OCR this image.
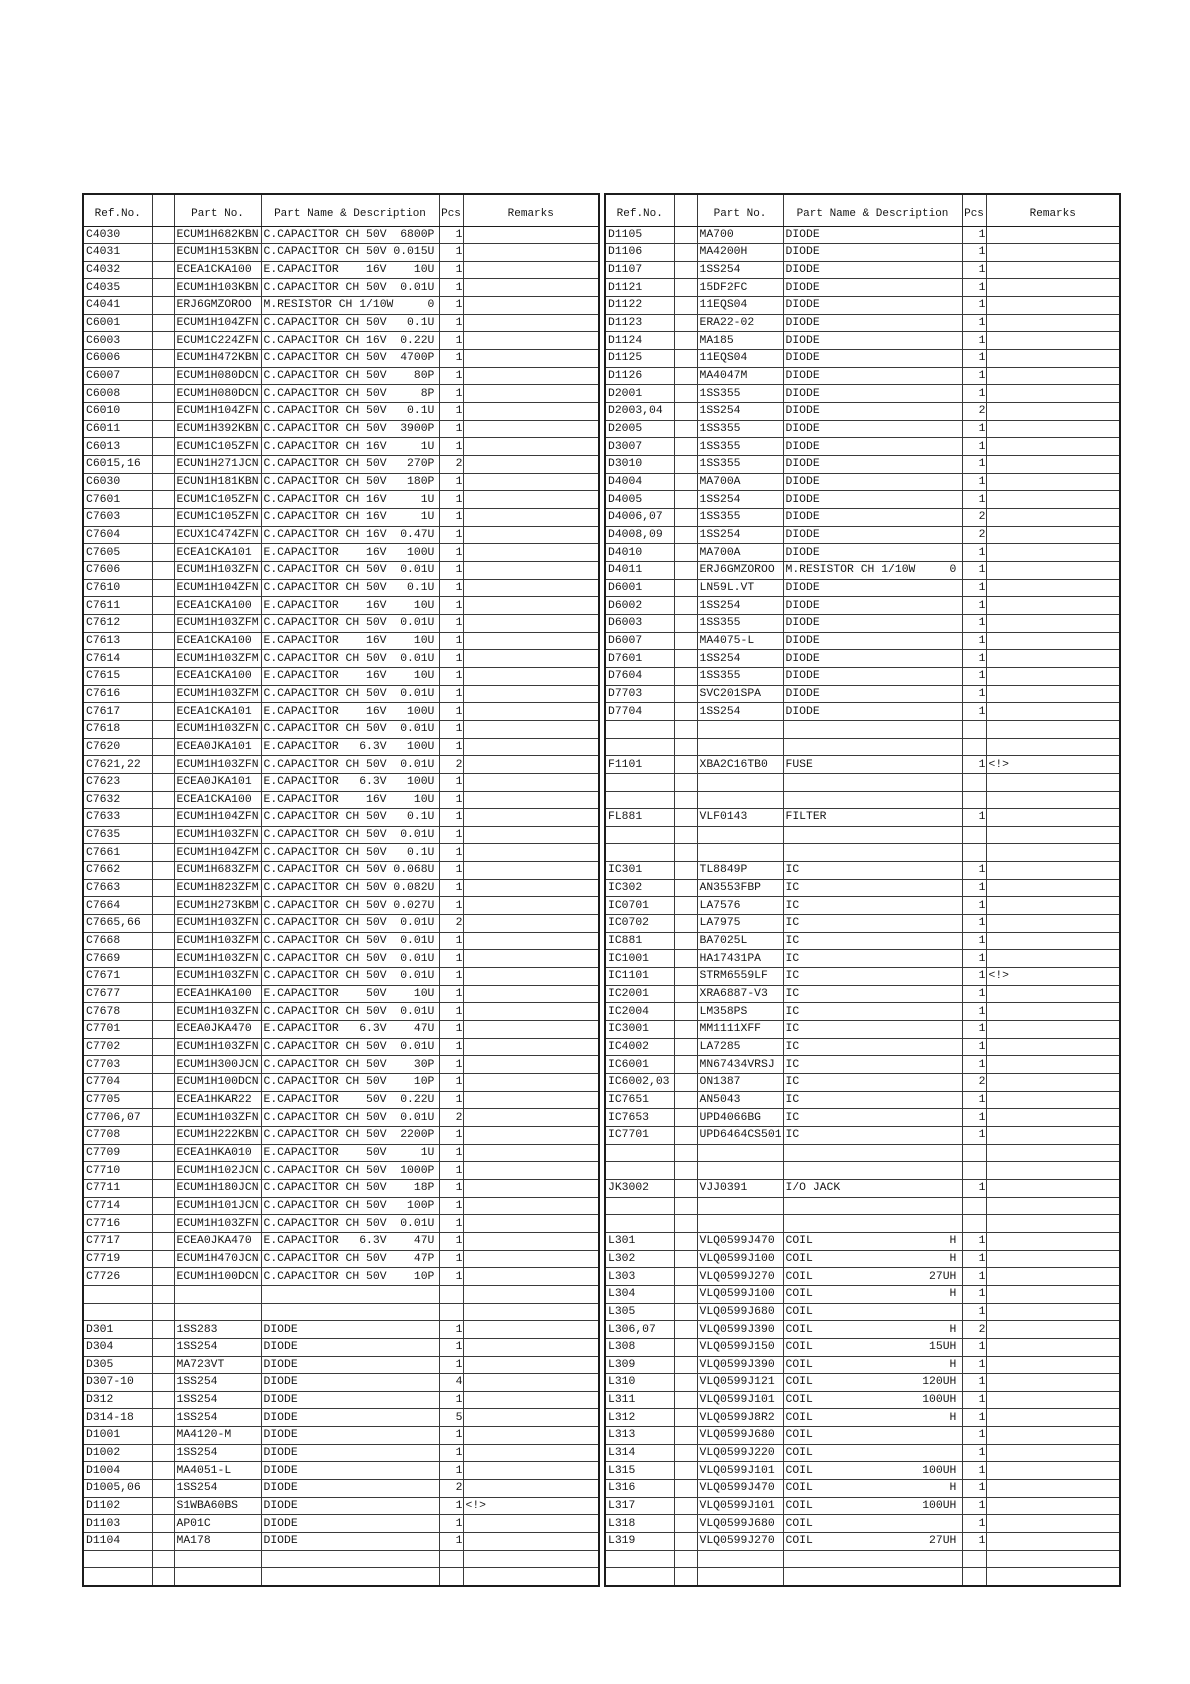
Ref.No.		Part No.	Part Name & Description	Pcs	Remarks
C4030		ECUM1H682KBN	C.CAPACITOR CH 50V 6800P	1	
C4031		ECUM1H153KBN	C.CAPACITOR CH 50V 0.015U	1	
C4032		ECEA1CKA100	E.CAPACITOR 16V 10U	1	
C4035		ECUM1H103KBN	C.CAPACITOR CH 50V 0.01U	1	
C4041		ERJ6GMZOROO	M.RESISTOR CH 1/10W 0	1	
C6001		ECUM1H104ZFN	C.CAPACITOR CH 50V 0.1U	1	
C6003		ECUM1C224ZFN	C.CAPACITOR CH 16V 0.22U	1	
C6006		ECUM1H472KBN	C.CAPACITOR CH 50V 4700P	1	
C6007		ECUM1H080DCN	C.CAPACITOR CH 50V 80P	1	
C6008		ECUM1H080DCN	C.CAPACITOR CH 50V 8P	1	
C6010		ECUM1H104ZFN	C.CAPACITOR CH 50V 0.1U	1	
C6011		ECUM1H392KBN	C.CAPACITOR CH 50V 3900P	1	
C6013		ECUM1C105ZFN	C.CAPACITOR CH 16V 1U	1	
C6015,16		ECUN1H271JCN	C.CAPACITOR CH 50V 270P	2	
C6030		ECUN1H181KBN	C.CAPACITOR CH 50V 180P	1	
C7601		ECUM1C105ZFN	C.CAPACITOR CH 16V 1U	1	
C7603		ECUM1C105ZFN	C.CAPACITOR CH 16V 1U	1	
C7604		ECUX1C474ZFN	C.CAPACITOR CH 16V 0.47U	1	
C7605		ECEA1CKA101	E.CAPACITOR 16V 100U	1	
C7606		ECUM1H103ZFN	C.CAPACITOR CH 50V 0.01U	1	
C7610		ECUM1H104ZFN	C.CAPACITOR CH 50V 0.1U	1	
C7611		ECEA1CKA100	E.CAPACITOR 16V 10U	1	
C7612		ECUM1H103ZFM	C.CAPACITOR CH 50V 0.01U	1	
C7613		ECEA1CKA100	E.CAPACITOR 16V 10U	1	
C7614		ECUM1H103ZFM	C.CAPACITOR CH 50V 0.01U	1	
C7615		ECEA1CKA100	E.CAPACITOR 16V 10U	1	
C7616		ECUM1H103ZFM	C.CAPACITOR CH 50V 0.01U	1	
C7617		ECEA1CKA101	E.CAPACITOR 16V 100U	1	
C7618		ECUM1H103ZFN	C.CAPACITOR CH 50V 0.01U	1	
C7620		ECEA0JKA101	E.CAPACITOR 6.3V 100U	1	
C7621,22		ECUM1H103ZFN	C.CAPACITOR CH 50V 0.01U	2	
C7623		ECEA0JKA101	E.CAPACITOR 6.3V 100U	1	
C7632		ECEA1CKA100	E.CAPACITOR 16V 10U	1	
C7633		ECUM1H104ZFN	C.CAPACITOR CH 50V 0.1U	1	
C7635		ECUM1H103ZFN	C.CAPACITOR CH 50V 0.01U	1	
C7661		ECUM1H104ZFM	C.CAPACITOR CH 50V 0.1U	1	
C7662		ECUM1H683ZFM	C.CAPACITOR CH 50V 0.068U	1	
C7663		ECUM1H823ZFM	C.CAPACITOR CH 50V 0.082U	1	
C7664		ECUM1H273KBM	C.CAPACITOR CH 50V 0.027U	1	
C7665,66		ECUM1H103ZFN	C.CAPACITOR CH 50V 0.01U	2	
C7668		ECUM1H103ZFM	C.CAPACITOR CH 50V 0.01U	1	
C7669		ECUM1H103ZFN	C.CAPACITOR CH 50V 0.01U	1	
C7671		ECUM1H103ZFN	C.CAPACITOR CH 50V 0.01U	1	
C7677		ECEA1HKA100	E.CAPACITOR 50V 10U	1	
C7678		ECUM1H103ZFN	C.CAPACITOR CH 50V 0.01U	1	
C7701		ECEA0JKA470	E.CAPACITOR 6.3V 47U	1	
C7702		ECUM1H103ZFN	C.CAPACITOR CH 50V 0.01U	1	
C7703		ECUM1H300JCN	C.CAPACITOR CH 50V 30P	1	
C7704		ECUM1H100DCN	C.CAPACITOR CH 50V 10P	1	
C7705		ECEA1HKAR22	E.CAPACITOR 50V 0.22U	1	
C7706,07		ECUM1H103ZFN	C.CAPACITOR CH 50V 0.01U	2	
C7708		ECUM1H222KBN	C.CAPACITOR CH 50V 2200P	1	
C7709		ECEA1HKA010	E.CAPACITOR 50V 1U	1	
C7710		ECUM1H102JCN	C.CAPACITOR CH 50V 1000P	1	
C7711		ECUM1H180JCN	C.CAPACITOR CH 50V 18P	1	
C7714		ECUM1H101JCN	C.CAPACITOR CH 50V 100P	1	
C7716		ECUM1H103ZFN	C.CAPACITOR CH 50V 0.01U	1	
C7717		ECEA0JKA470	E.CAPACITOR 6.3V 47U	1	
C7719		ECUM1H470JCN	C.CAPACITOR CH 50V 47P	1	
C7726		ECUM1H100DCN	C.CAPACITOR CH 50V 10P	1	

D301		1SS283	DIODE	1	
D304		1SS254	DIODE	1	
D305		MA723VT	DIODE	1	
D307-10		1SS254	DIODE	4	
D312		1SS254	DIODE	1	
D314-18		1SS254	DIODE	5	
D1001		MA4120-M	DIODE	1	
D1002		1SS254	DIODE	1	
D1004		MA4051-L	DIODE	1	
D1005,06		1SS254	DIODE	2	
D1102		S1WBA60BS	DIODE	1	<!>
D1103		AP01C	DIODE	1	
D1104		MA178	DIODE	1	

Ref.No.		Part No.	Part Name & Description	Pcs	Remarks
D1105		MA700	DIODE	1	
D1106		MA4200H	DIODE	1	
D1107		1SS254	DIODE	1	
D1121		15DF2FC	DIODE	1	
D1122		11EQS04	DIODE	1	
D1123		ERA22-02	DIODE	1	
D1124		MA185	DIODE	1	
D1125		11EQS04	DIODE	1	
D1126		MA4047M	DIODE	1	
D2001		1SS355	DIODE	1	
D2003,04		1SS254	DIODE	2	
D2005		1SS355	DIODE	1	
D3007		1SS355	DIODE	1	
D3010		1SS355	DIODE	1	
D4004		MA700A	DIODE	1	
D4005		1SS254	DIODE	1	
D4006,07		1SS355	DIODE	2	
D4008,09		1SS254	DIODE	2	
D4010		MA700A	DIODE	1	
D4011		ERJ6GMZOROO	M.RESISTOR CH 1/10W 0	1	
D6001		LN59L.VT	DIODE	1	
D6002		1SS254	DIODE	1	
D6003		1SS355	DIODE	1	
D6007		MA4075-L	DIODE	1	
D7601		1SS254	DIODE	1	
D7604		1SS355	DIODE	1	
D7703		SVC201SPA	DIODE	1	
D7704		1SS254	DIODE	1	

F1101		XBA2C16TB0	FUSE	1	<!>

FL881		VLF0143	FILTER	1	

IC301		TL8849P	IC	1	
IC302		AN3553FBP	IC	1	
IC0701		LA7576	IC	1	
IC0702		LA7975	IC	1	
IC881		BA7025L	IC	1	
IC1001		HA17431PA	IC	1	
IC1101		STRM6559LF	IC	1	<!>
IC2001		XRA6887-V3	IC	1	
IC2004		LM358PS	IC	1	
IC3001		MM1111XFF	IC	1	
IC4002		LA7285	IC	1	
IC6001		MN67434VRSJ	IC	1	
IC6002,03		ON1387	IC	2	
IC7651		AN5043	IC	1	
IC7653		UPD4066BG	IC	1	
IC7701		UPD6464CS501	IC	1	

JK3002		VJJ0391	I/O JACK	1	

L301		VLQ0599J470	COIL H	1	
L302		VLQ0599J100	COIL H	1	
L303		VLQ0599J270	COIL 27UH	1	
L304		VLQ0599J100	COIL H	1	
L305		VLQ0599J680	COIL	1	
L306,07		VLQ0599J390	COIL H	2	
L308		VLQ0599J150	COIL 15UH	1	
L309		VLQ0599J390	COIL H	1	
L310		VLQ0599J121	COIL 120UH	1	
L311		VLQ0599J101	COIL 100UH	1	
L312		VLQ0599J8R2	COIL H	1	
L313		VLQ0599J680	COIL	1	
L314		VLQ0599J220	COIL	1	
L315		VLQ0599J101	COIL 100UH	1	
L316		VLQ0599J470	COIL H	1	
L317		VLQ0599J101	COIL 100UH	1	
L318		VLQ0599J680	COIL	1	
L319		VLQ0599J270	COIL 27UH	1	
